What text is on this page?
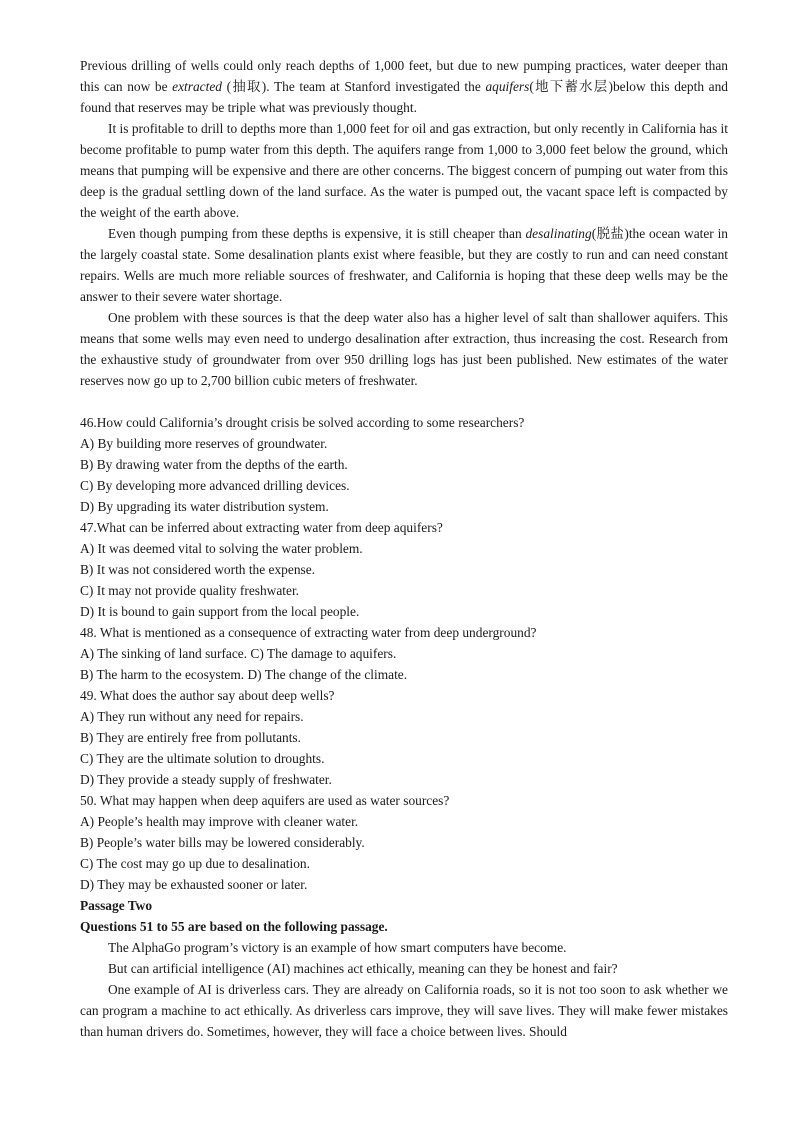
Previous drilling of wells could only reach depths of 1,000 feet, but due to new pumping practices, water deeper than this can now be extracted (抽取). The team at Stanford investigated the aquifers(地下蓄水层)below this depth and found that reserves may be triple what was previously thought.

It is profitable to drill to depths more than 1,000 feet for oil and gas extraction, but only recently in California has it become profitable to pump water from this depth. The aquifers range from 1,000 to 3,000 feet below the ground, which means that pumping will be expensive and there are other concerns. The biggest concern of pumping out water from this deep is the gradual settling down of the land surface. As the water is pumped out, the vacant space left is compacted by the weight of the earth above.

Even though pumping from these depths is expensive, it is still cheaper than desalinating(脱盐)the ocean water in the largely coastal state. Some desalination plants exist where feasible, but they are costly to run and can need constant repairs. Wells are much more reliable sources of freshwater, and California is hoping that these deep wells may be the answer to their severe water shortage.

One problem with these sources is that the deep water also has a higher level of salt than shallower aquifers. This means that some wells may even need to undergo desalination after extraction, thus increasing the cost. Research from the exhaustive study of groundwater from over 950 drilling logs has just been published. New estimates of the water reserves now go up to 2,700 billion cubic meters of freshwater.

46.How could California’s drought crisis be solved according to some researchers?

A) By building more reserves of groundwater.

B) By drawing water from the depths of the earth.

C) By developing more advanced drilling devices.

D) By upgrading its water distribution system.

47.What can be inferred about extracting water from deep aquifers?

A) It was deemed vital to solving the water problem.

B) It was not considered worth the expense.

C) It may not provide quality freshwater.

D) It is bound to gain support from the local people.

48. What is mentioned as a consequence of extracting water from deep underground?

A) The sinking of land surface. C) The damage to aquifers.

B) The harm to the ecosystem. D) The change of the climate.

49. What does the author say about deep wells?

A) They run without any need for repairs.

B) They are entirely free from pollutants.

C) They are the ultimate solution to droughts.

D) They provide a steady supply of freshwater.

50. What may happen when deep aquifers are used as water sources?

A) People’s health may improve with cleaner water.

B) People’s water bills may be lowered considerably.

C) The cost may go up due to desalination.

D) They may be exhausted sooner or later.

Passage Two

Questions 51 to 55 are based on the following passage.

The AlphaGo program’s victory is an example of how smart computers have become.

But can artificial intelligence (AI) machines act ethically, meaning can they be honest and fair?

One example of AI is driverless cars. They are already on California roads, so it is not too soon to ask whether we can program a machine to act ethically. As driverless cars improve, they will save lives. They will make fewer mistakes than human drivers do. Sometimes, however, they will face a choice between lives. Should
